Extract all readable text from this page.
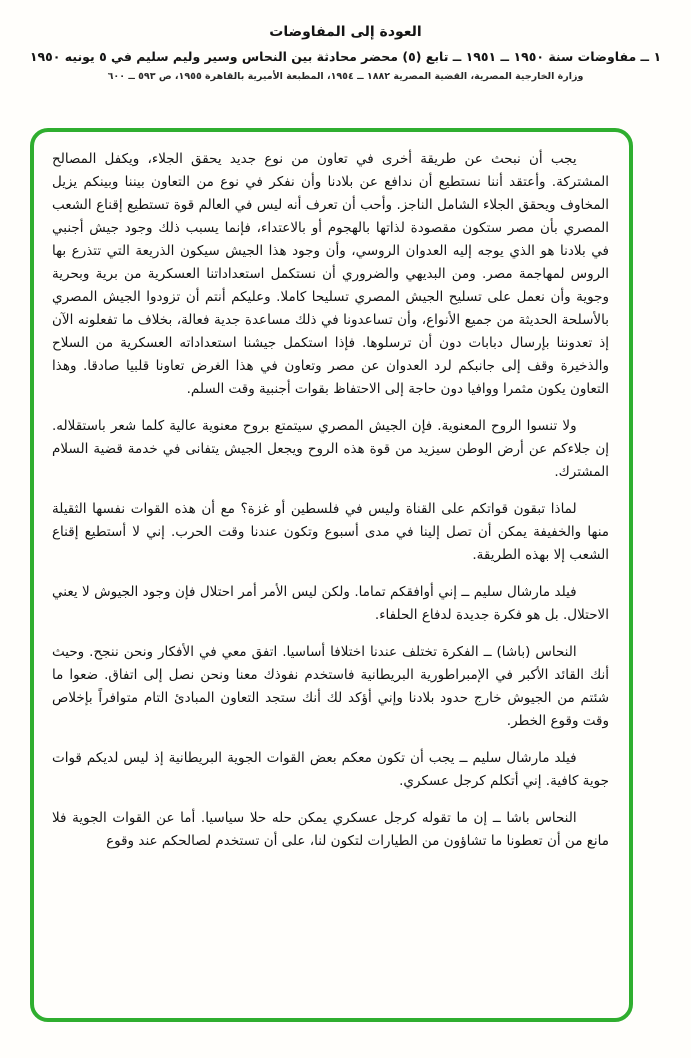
العودة إلى المفاوضات
١ ــ مفاوضات سنة ١٩٥٠ ــ ١٩٥١ ــ تابع (٥) محضر محادثة بين النحاس وسير وليم سليم في ٥ يونيه ١٩٥٠
وزارة الخارجية المصرية، القضية المصرية ١٨٨٢ ــ ١٩٥٤، المطبعة الأميرية بالقاهرة ١٩٥٥، ص ٥٩٣ ــ ٦٠٠

يجب أن نبحث عن طريقة أخرى في تعاون من نوع جديد يحقق الجلاء، ويكفل المصالح المشتركة. وأعتقد أننا نستطيع أن ندافع عن بلادنا وأن نفكر في نوع من التعاون بيننا وبينكم يزيل المخاوف ويحقق الجلاء الشامل الناجز. وأحب أن تعرف أنه ليس في العالم قوة تستطيع إقناع الشعب المصري بأن مصر ستكون مقصودة لذاتها بالهجوم أو بالاعتداء، فإنما يسبب ذلك وجود جيش أجنبي في بلادنا هو الذي يوجه إليه العدوان الروسي، وأن وجود هذا الجيش سيكون الذريعة التي تتذرع بها الروس لمهاجمة مصر. ومن البديهي والضروري أن نستكمل استعداداتنا العسكرية من برية وبحرية وجوية وأن نعمل على تسليح الجيش المصري تسليحا كاملا. وعليكم أنتم أن تزودوا الجيش المصري بالأسلحة الحديثة من جميع الأنواع، وأن تساعدونا في ذلك مساعدة جدية فعالة، بخلاف ما تفعلونه الآن إذ تعدوننا بإرسال دبابات دون أن ترسلوها. فإذا استكمل جيشنا استعداداته العسكرية من السلاح والذخيرة وقف إلى جانبكم لرد العدوان عن مصر وتعاون في هذا الغرض تعاونا قلبيا صادقا. وهذا التعاون يكون مثمرا ووافيا دون حاجة إلى الاحتفاظ بقوات أجنبية وقت السلم.

ولا تنسوا الروح المعنوية. فإن الجيش المصري سيتمتع بروح معنوية عالية كلما شعر باستقلاله. إن جلاءكم عن أرض الوطن سيزيد من قوة هذه الروح ويجعل الجيش يتفانى في خدمة قضية السلام المشترك.

لماذا تبقون قواتكم على القناة وليس في فلسطين أو غزة؟ مع أن هذه القوات نفسها الثقيلة منها والخفيفة يمكن أن تصل إلينا في مدى أسبوع وتكون عندنا وقت الحرب. إني لا أستطيع إقناع الشعب إلا بهذه الطريقة.

فيلد مارشال سليم ــ إني أوافقكم تماما. ولكن ليس الأمر أمر احتلال فإن وجود الجيوش لا يعني الاحتلال. بل هو فكرة جديدة لدفاع الحلفاء.

النحاس (باشا) ــ الفكرة تختلف عندنا اختلافا أساسيا. اتفق معي في الأفكار ونحن ننجح. وحيث أنك القائد الأكبر في الإمبراطورية البريطانية فاستخدم نفوذك معنا ونحن نصل إلى اتفاق. ضعوا ما شئتم من الجيوش خارج حدود بلادنا وإني أؤكد لك أنك ستجد التعاون المبادئ التام متوافراً بإخلاص وقت وقوع الخطر.

فيلد مارشال سليم ــ يجب أن تكون معكم بعض القوات الجوية البريطانية إذ ليس لديكم قوات جوية كافية. إني أتكلم كرجل عسكري.

النحاس باشا ــ إن ما تقوله كرجل عسكري يمكن حله حلا سياسيا. أما عن القوات الجوية فلا مانع من أن تعطونا ما تشاؤون من الطيارات لتكون لنا، على أن تستخدم لصالحكم عند وقوع
